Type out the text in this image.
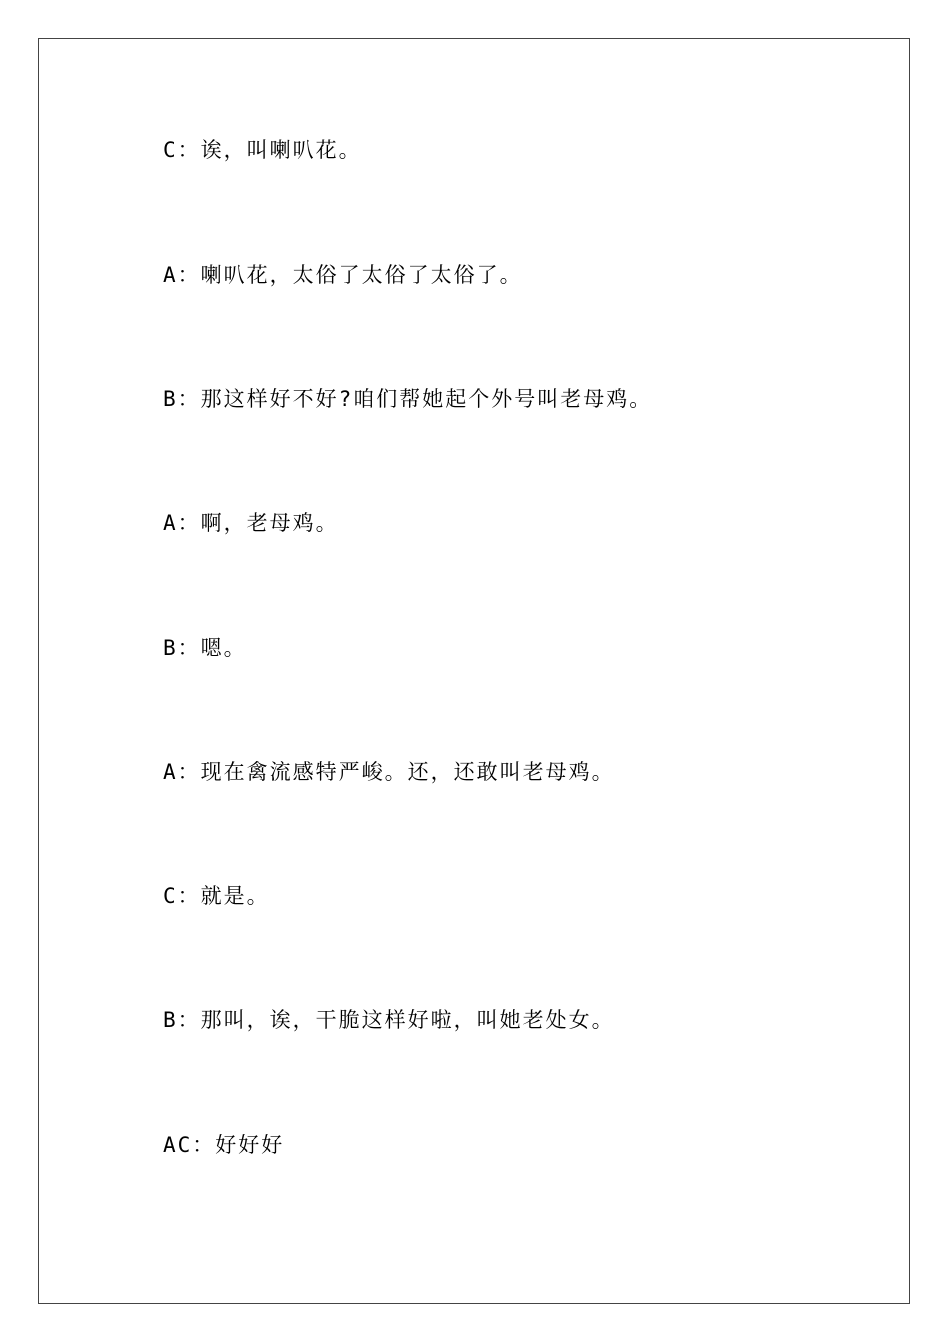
C：诶，叫喇叭花。
A：喇叭花，太俗了太俗了太俗了。
B：那这样好不好?咱们帮她起个外号叫老母鸡。
A：啊，老母鸡。
B：嗯。
A：现在禽流感特严峻。还，还敢叫老母鸡。
C：就是。
B：那叫，诶，干脆这样好啦，叫她老处女。
AC：好好好
